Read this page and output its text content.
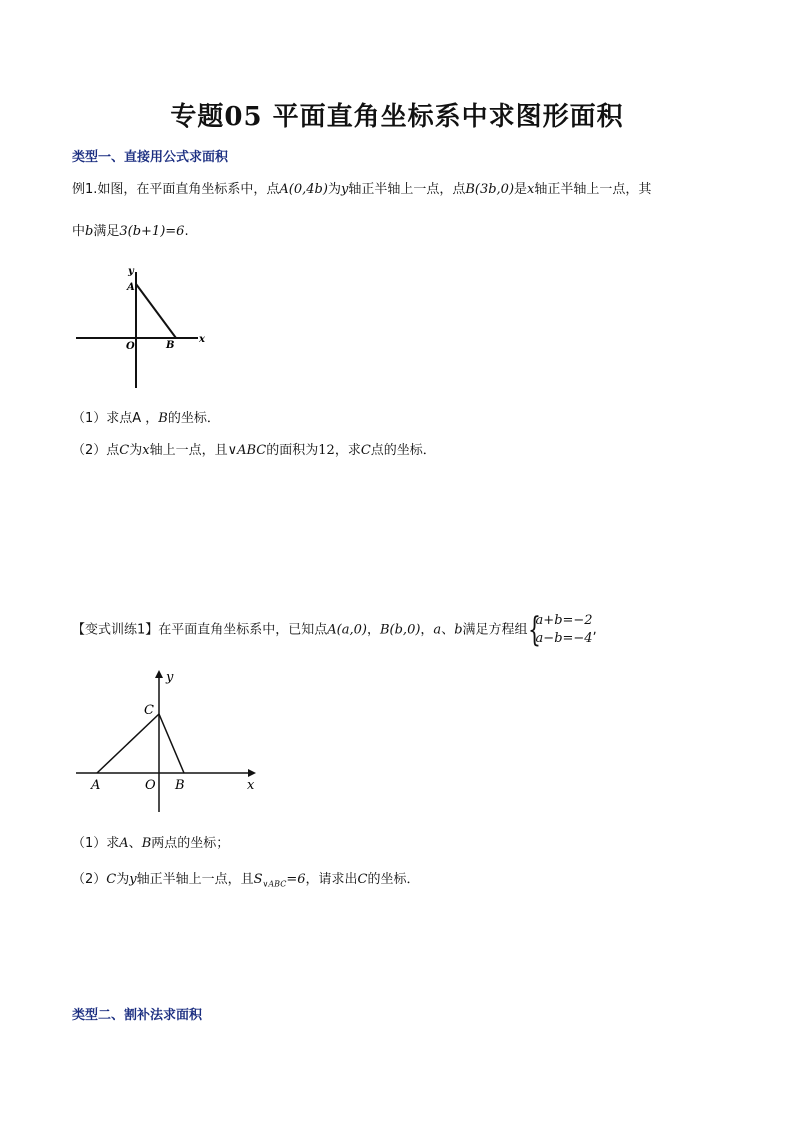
专题05 平面直角坐标系中求图形面积
类型一、直接用公式求面积
例1.如图，在平面直角坐标系中，点A(0,4b)为y轴正半轴上一点，点B(3b,0)是x轴正半轴上一点，其
中b满足3(b+1)=6.
y
A
O	B
x
（1）求点A ，B的坐标．
（2）点C为x轴上一点，且∨ABC的面积为12，求C点的坐标．
【变式训练1】在平面直角坐标系中，已知点A(a,0)，B(b,0)，a、b满足方程组 {
a+b=−2
a−b=−4
,
y
C
A	O B	x
（1）求A、B两点的坐标；
（2）C为y轴正半轴上一点，且$S_{\vee ABC}=6$，请求出C的坐标．
类型二、割补法求面积
